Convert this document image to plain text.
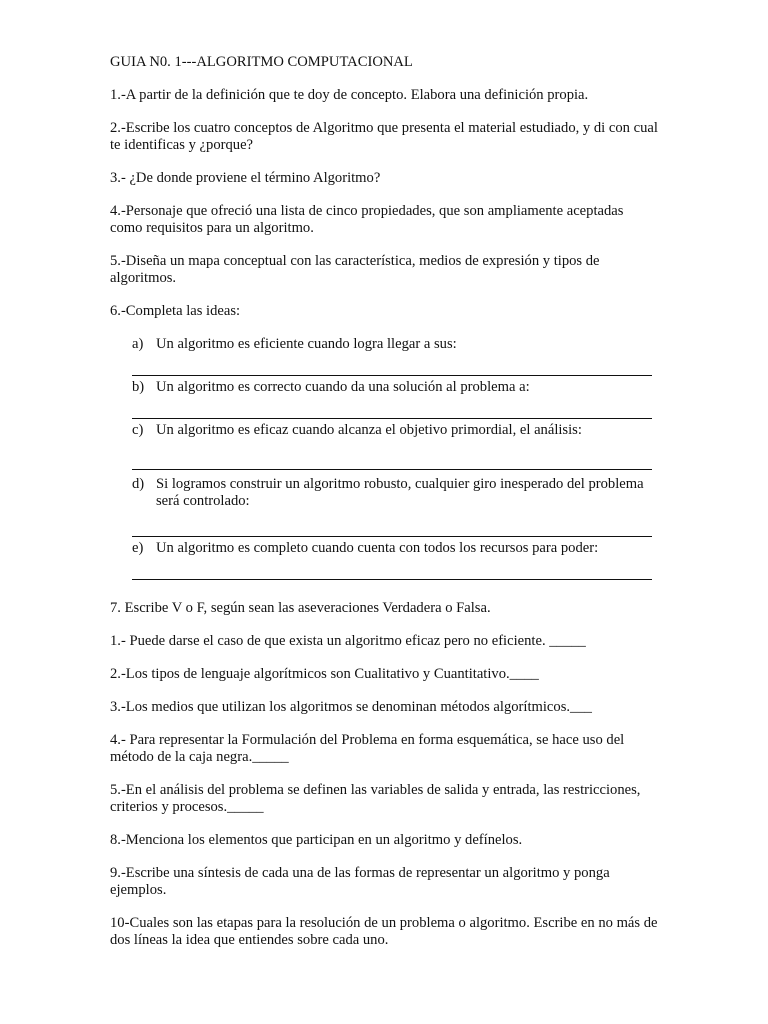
GUIA N0. 1---ALGORITMO COMPUTACIONAL

1.-A partir de la definición que te doy de concepto. Elabora una definición propia.

2.-Escribe los cuatro conceptos de Algoritmo que presenta el material estudiado, y di con cual te identificas y ¿porque?

3.- ¿De donde proviene el término Algoritmo?

4.-Personaje que ofreció una lista de cinco propiedades, que son ampliamente aceptadas como requisitos para un algoritmo.

5.-Diseña un mapa conceptual con las característica, medios de expresión y tipos de algoritmos.

6.-Completa las ideas:

a) Un algoritmo es eficiente cuando logra llegar a sus:
b) Un algoritmo es correcto cuando da una solución al problema a:
c) Un algoritmo es eficaz cuando alcanza el objetivo primordial, el análisis:
d) Si logramos construir un algoritmo robusto, cualquier giro inesperado del problema será controlado:
e) Un algoritmo es completo cuando cuenta con todos los recursos para poder:

7. Escribe V o F, según sean las aseveraciones Verdadera o Falsa.

1.- Puede darse el caso de que exista un algoritmo eficaz pero no eficiente. _____

2.-Los tipos de lenguaje algorítmicos son Cualitativo y Cuantitativo.____

3.-Los medios que utilizan los algoritmos se denominan métodos algorítmicos.___

4.- Para representar la Formulación del Problema en forma esquemática, se hace uso del método de la caja negra._____

5.-En el análisis del problema se definen las variables de salida y entrada, las restricciones, criterios y procesos._____

8.-Menciona los elementos que participan en un algoritmo y defínelos.

9.-Escribe una síntesis de cada una de las formas de representar un algoritmo y ponga ejemplos.

10-Cuales son las etapas para la resolución de un problema o algoritmo. Escribe en no más de dos líneas la idea que entiendes sobre cada uno.
